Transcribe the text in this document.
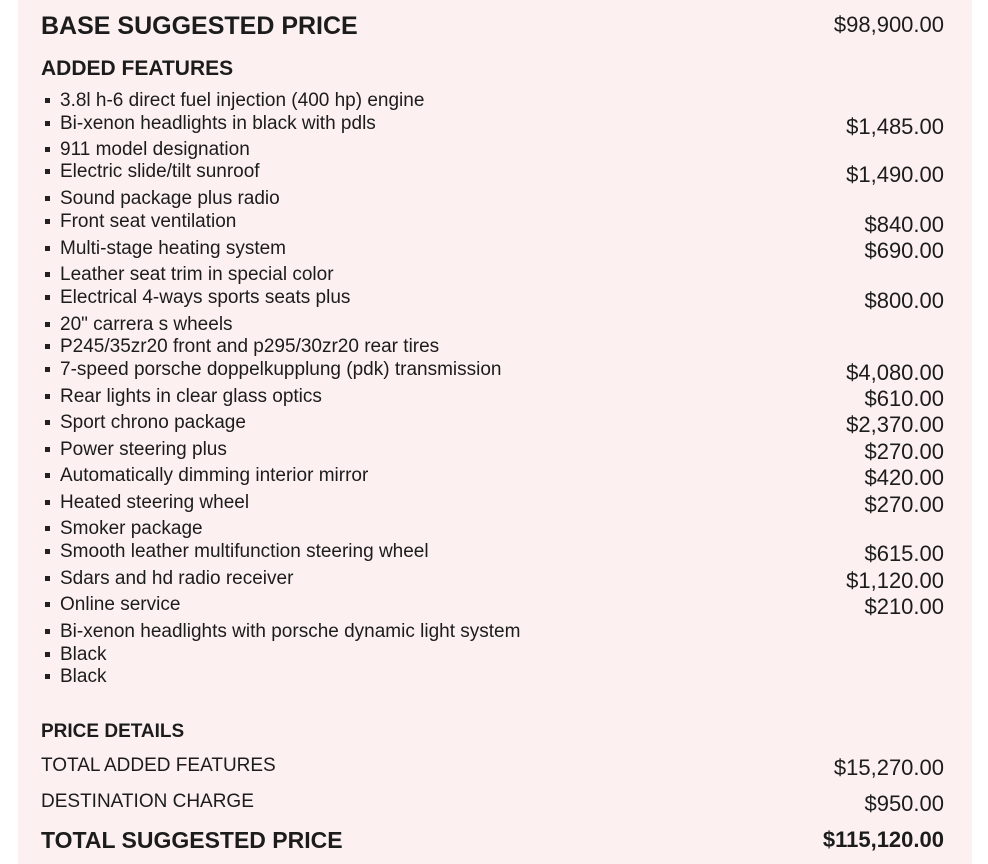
BASE SUGGESTED PRICE	$98,900.00
ADDED FEATURES
3.8l h-6 direct fuel injection (400 hp) engine
Bi-xenon headlights in black with pdls	$1,485.00
911 model designation
Electric slide/tilt sunroof	$1,490.00
Sound package plus radio
Front seat ventilation	$840.00
Multi-stage heating system	$690.00
Leather seat trim in special color
Electrical 4-ways sports seats plus	$800.00
20" carrera s wheels
P245/35zr20 front and p295/30zr20 rear tires
7-speed porsche doppelkupplung (pdk) transmission	$4,080.00
Rear lights in clear glass optics	$610.00
Sport chrono package	$2,370.00
Power steering plus	$270.00
Automatically dimming interior mirror	$420.00
Heated steering wheel	$270.00
Smoker package
Smooth leather multifunction steering wheel	$615.00
Sdars and hd radio receiver	$1,120.00
Online service	$210.00
Bi-xenon headlights with porsche dynamic light system
Black
Black
PRICE DETAILS
TOTAL ADDED FEATURES	$15,270.00
DESTINATION CHARGE	$950.00
TOTAL SUGGESTED PRICE	$115,120.00
